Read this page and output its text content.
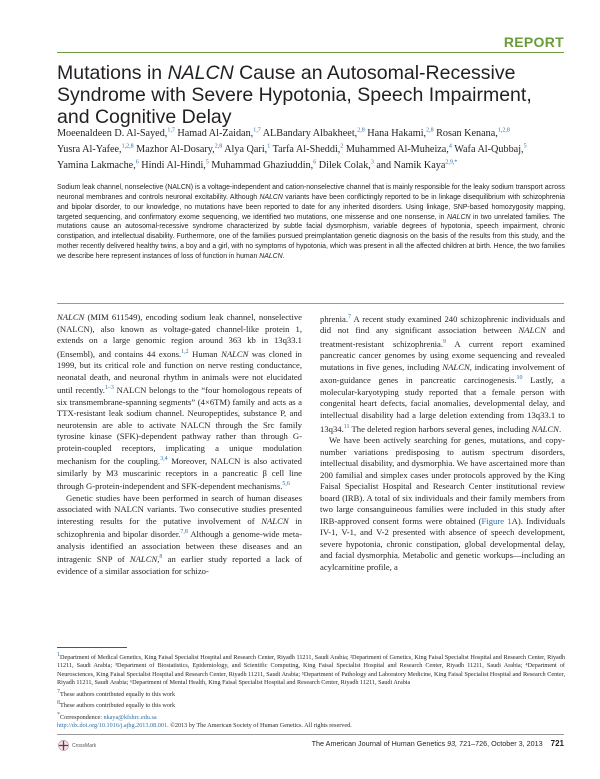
REPORT
Mutations in NALCN Cause an Autosomal-Recessive Syndrome with Severe Hypotonia, Speech Impairment, and Cognitive Delay
Moeenaldeen D. Al-Sayed,$^{1,7}$ Hamad Al-Zaidan,$^{1,7}$ ALBandary Albakheet,$^{2,8}$ Hana Hakami,$^{2,8}$ Rosan Kenana,$^{1,2,8}$ Yusra Al-Yafee,$^{1,2,8}$ Mazhor Al-Dosary,$^{2,8}$ Alya Qari,$^1$ Tarfa Al-Sheddi,$^2$ Muhammed Al-Muheiza,$^4$ Wafa Al-Qubbaj,$^5$ Yamina Lakmache,$^6$ Hindi Al-Hindi,$^5$ Muhammad Ghaziuddin,$^6$ Dilek Colak,$^3$ and Namik Kaya$^{2,9,*}$
Sodium leak channel, nonselective (NALCN) is a voltage-independent and cation-nonselective channel that is mainly responsible for the leaky sodium transport across neuronal membranes and controls neuronal excitability. Although NALCN variants have been conflictingly reported to be in linkage disequilibrium with schizophrenia and bipolar disorder, to our knowledge, no mutations have been reported to date for any inherited disorders. Using linkage, SNP-based homozygosity mapping, targeted sequencing, and confirmatory exome sequencing, we identified two mutations, one missense and one nonsense, in NALCN in two unrelated families. The mutations cause an autosomal-recessive syndrome characterized by subtle facial dysmorphism, variable degrees of hypotonia, speech impairment, chronic constipation, and intellectual disability. Furthermore, one of the families pursued preimplantation genetic diagnosis on the basis of the results from this study, and the mother recently delivered healthy twins, a boy and a girl, with no symptoms of hypotonia, which was present in all the affected children at birth. Hence, the two families we describe here represent instances of loss of function in human NALCN.

NALCN (MIM 611549), encoding sodium leak channel, nonselective (NALCN), also known as voltage-gated channel-like protein 1, extends on a large genomic region around 363 kb in 13q33.1 (Ensembl), and contains 44 exons.$^{1,2}$ Human NALCN was cloned in 1999, but its critical role and function on nerve resting conductance, neonatal death, and neuronal rhythm in animals were not elucidated until recently.$^{1-3}$ NALCN belongs to the “four homologous repeats of six transmembrane-spanning segments” (4×6TM) family and acts as a TTX-resistant leak sodium channel. Neuropeptides, substance P, and neurotensin are able to activate NALCN through the Src family tyrosine kinase (SFK)-dependent pathway rather than through G-protein-coupled receptors, implicating a unique modulation mechanism for the coupling.$^{3,4}$ Moreover, NALCN is also activated similarly by M3 muscarinic receptors in a pancreatic β cell line through G-protein-independent and SFK-dependent mechanisms.$^{5,6}$

Genetic studies have been performed in search of human diseases associated with NALCN variants. Two consecutive studies presented interesting results for the putative involvement of NALCN in schizophrenia and bipolar disorder.$^{7,8}$ Although a genome-wide meta-analysis identified an association between these diseases and an intragenic SNP of NALCN,$^8$ an earlier study reported a lack of evidence of a similar association for schizo-

phrenia.$^7$ A recent study examined 240 schizophrenic individuals and did not find any significant association between NALCN and treatment-resistant schizophrenia.$^9$ A current report examined pancreatic cancer genomes by using exome sequencing and revealed mutations in five genes, including NALCN, indicating involvement of axon-guidance genes in pancreatic carcinogenesis.$^{10}$ Lastly, a molecular-karyotyping study reported that a female person with congenital heart defects, facial anomalies, developmental delay, and intellectual disability had a large deletion extending from 13q33.1 to 13q34.11 The deleted region harbors several genes, including NALCN.

We have been actively searching for genes, mutations, and copy-number variations predisposing to autism spectrum disorders, intellectual disability, and dysmorphia. We have ascertained more than 200 familial and simplex cases under protocols approved by the King Faisal Specialist Hospital and Research Center institutional review board (IRB). A total of six individuals and their family members from two large consanguineous families were included in this study after IRB-approved consent forms were obtained (Figure 1A). Individuals IV-1, V-1, and V-2 presented with absence of speech development, severe hypotonia, chronic constipation, global developmental delay, and facial dysmorphia. Metabolic and genetic workups—including an acylcarnitine profile, a

$^1$Department of Medical Genetics, King Faisal Specialist Hospital and Research Center, Riyadh 11211, Saudi Arabia; ²Department of Genetics, King Faisal Specialist Hospital and Research Center, Riyadh 11211, Saudi Arabia; ³Department of Biostatistics, Epidemiology, and Scientific Computing, King Faisal Specialist Hospital and Research Center, Riyadh 11211, Saudi Arabia; ⁴Department of Neurosciences, King Faisal Specialist Hospital and Research Center, Riyadh 11211, Saudi Arabia; ⁵Department of Pathology and Laboratory Medicine, King Faisal Specialist Hospital and Research Center, Riyadh 11211, Saudi Arabia; ⁶Department of Mental Health, King Faisal Specialist Hospital and Research Center, Riyadh 11211, Saudi Arabia
$^7$These authors contributed equally to this work
$^8$These authors contributed equally to this work
*Correspondence: nkaya@kfshrc.edu.sa
http://dx.doi.org/10.1016/j.ajhg.2013.08.001. ©2013 by The American Society of Human Genetics. All rights reserved.
CrossMark	The American Journal of Human Genetics 93, 721–726, October 3, 2013 721
